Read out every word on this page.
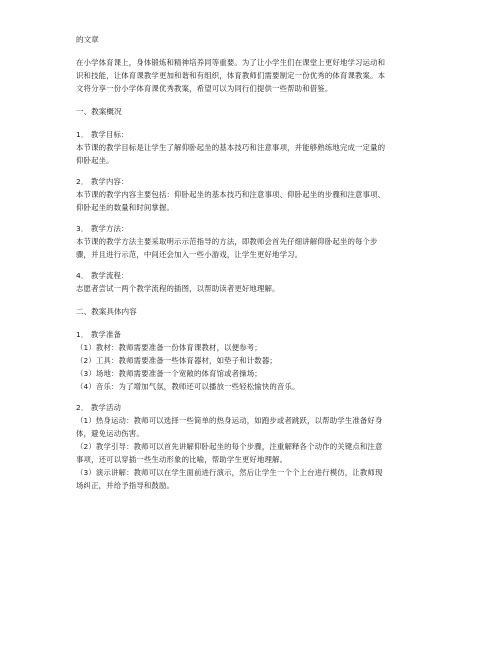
的文章
在小学体育课上，身体锻炼和精神培养同等重要。为了让小学生们在课堂上更好地学习运动和
识和技能，让体育课教学更加和谐和有组织，体育教师们需要制定一份优秀的体育课教案。本
文将分享一份小学体育课优秀教案，希望可以为同行们提供一些帮助和借鉴。
一、教案概况
1． 教学目标：
本节课的教学目标是让学生了解仰卧起坐的基本技巧和注意事项，并能够熟练地完成一定量的
仰卧起坐。
2． 教学内容：
本节课的教学内容主要包括：仰卧起坐的基本技巧和注意事项、仰卧起坐的步骤和注意事项、
仰卧起坐的数量和时间掌握。
3． 教学方法：
本节课的教学方法主要采取明示示范指导的方法，即教师会首先仔细讲解仰卧起坐的每个步
骤，并且进行示范，中间还会加入一些小游戏，让学生更好地学习。
4． 教学流程：
志愿者尝试一两个教学流程的插图，以帮助读者更好地理解。
二、教案具体内容
1． 教学准备
（1）教材：教师需要准备一份体育课教材，以便参考；
（2）工具：教师需要准备一些体育器材，如垫子和计数器；
（3）场地：教师需要准备一个宽敞的体育馆或者操场；
（4）音乐：为了增加气氛，教师还可以播放一些轻松愉快的音乐。
2． 教学活动
（1）热身运动：教师可以选择一些简单的热身运动，如跑步或者跳跃，以帮助学生准备好身
体，避免运动伤害。
（2）教学引导：教师可以首先讲解仰卧起坐的每个步骤，注重解释各个动作的关键点和注意
事项，还可以穿插一些生动形象的比喻，帮助学生更好地理解。
（3）演示讲解：教师可以在学生面前进行演示，然后让学生一个个上台进行模仿，让教师现
场纠正，并给予指导和鼓励。
